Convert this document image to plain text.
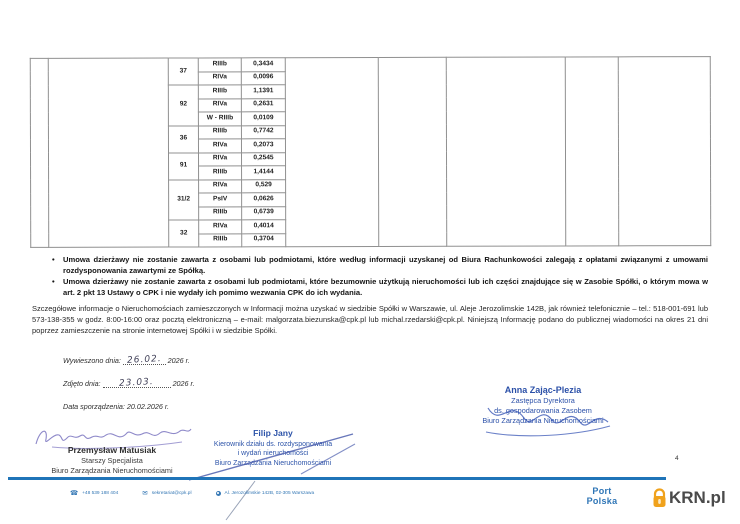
		37	RIIIb	0,3434					
			RIVa	0,0096					
		92	RIIIb	1,1391					
			RIVa	0,2631					
			W - RIIIb	0,0109					
		36	RIIIb	0,7742					
			RIVa	0,2073					
		91	RIVa	0,2545					
			RIIIb	1,4144					
		31/2	RIVa	0,529					
			PsIV	0,0626					
			RIIIb	0,6739					
		32	RIVa	0,4014					
			RIIIb	0,3704					
• Umowa dzierżawy nie zostanie zawarta z osobami lub podmiotami, które według informacji uzyskanej od Biura Rachunkowości zalegają z opłatami związanymi z umowami rozdysponowania zawartymi ze Spółką.
• Umowa dzierżawy nie zostanie zawarta z osobami lub podmiotami, które bezumownie użytkują nieruchomości lub ich części znajdujące się w Zasobie Spółki, o którym mowa w art. 2 pkt 13 Ustawy o CPK i nie wydały ich pomimo wezwania CPK do ich wydania.

Szczegółowe informacje o Nieruchomościach zamieszczonych w Informacji można uzyskać w siedzibie Spółki w Warszawie, ul. Aleje Jerozolimskie 142B, jak również telefonicznie – tel.: 518-001-691 lub 573-138-355 w godz. 8:00-16:00 oraz pocztą elektroniczną – e-mail: malgorzata.biezunska@cpk.pl lub michal.rzedarski@cpk.pl. Niniejszą Informację podano do publicznej wiadomości na okres 21 dni poprzez zamieszczenie na stronie internetowej Spółki i w siedzibie Spółki.

Wywieszono dnia: 26.02. 2026 r.
Zdjęto dnia:	23.03.	2026 r.
Data sporządzenia: 20.02.2026 r.
Anna Zając-Plezia
Zastępca Dyrektora
ds. gospodarowania Zasobem
Biuro Zarządzania Nieruchomościami
Przemysław Matusiak
Starszy Specjalista
Biuro Zarządzania Nieruchomościami
Filip Jany
Kierownik działu ds. rozdysponowania
i wydań nieruchomości
Biuro Zarządzania Nieruchomościami
4
☎ +48 539 188 404	✉ sekretariat@cpk.pl	Al. Jerozolimskie 142B, 02-305 Warszawa	Port
Polska	KRN.pl
